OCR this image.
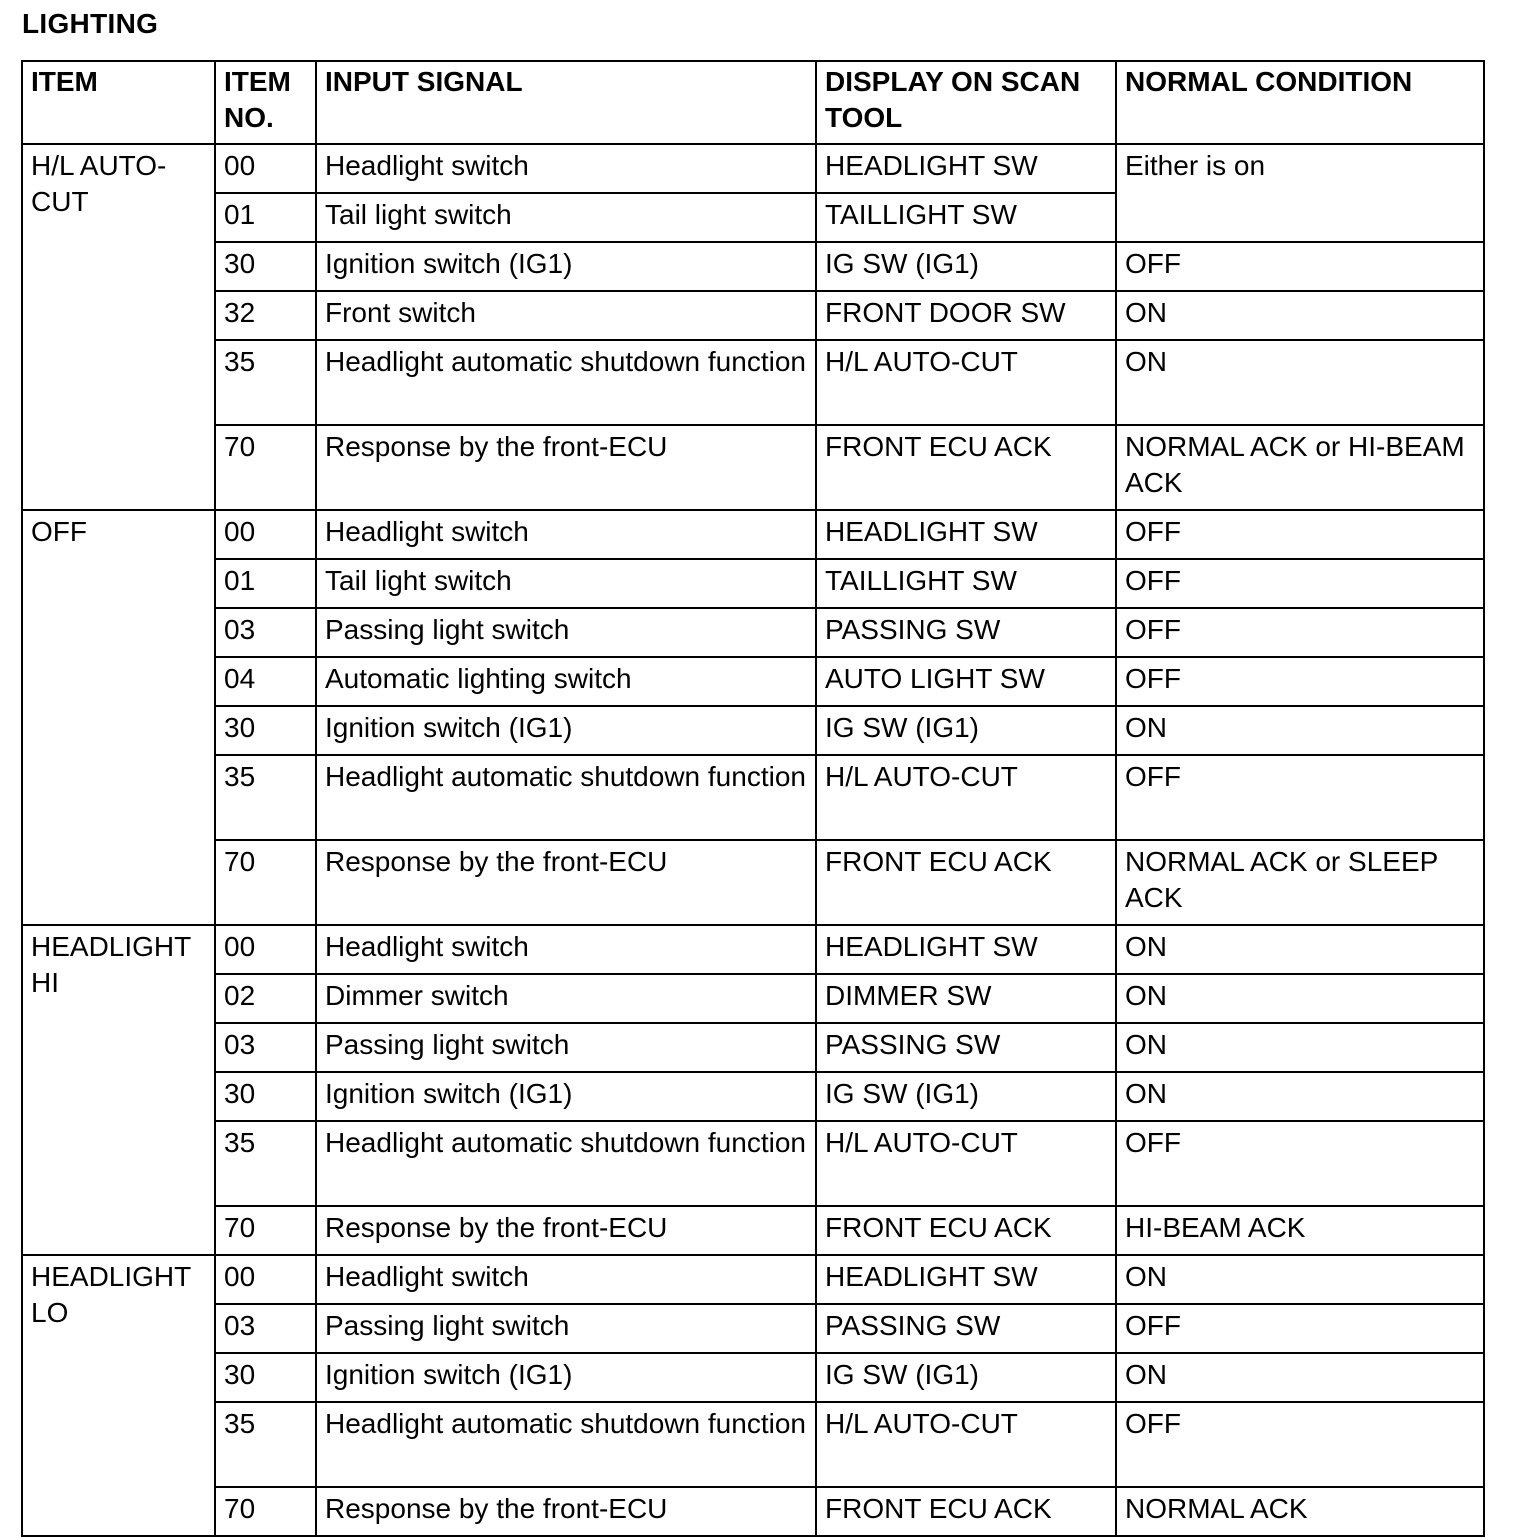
LIGHTING
ITEM	ITEM NO.	INPUT SIGNAL	DISPLAY ON SCAN TOOL	NORMAL CONDITION
H/L AUTO-CUT	00	Headlight switch	HEADLIGHT SW	Either is on
	01	Tail light switch	TAILLIGHT SW	
	30	Ignition switch (IG1)	IG SW (IG1)	OFF
	32	Front switch	FRONT DOOR SW	ON
	35	Headlight automatic shutdown function	H/L AUTO-CUT	ON
	70	Response by the front-ECU	FRONT ECU ACK	NORMAL ACK or HI-BEAM ACK
OFF	00	Headlight switch	HEADLIGHT SW	OFF
	01	Tail light switch	TAILLIGHT SW	OFF
	03	Passing light switch	PASSING SW	OFF
	04	Automatic lighting switch	AUTO LIGHT SW	OFF
	30	Ignition switch (IG1)	IG SW (IG1)	ON
	35	Headlight automatic shutdown function	H/L AUTO-CUT	OFF
	70	Response by the front-ECU	FRONT ECU ACK	NORMAL ACK or SLEEP ACK
HEADLIGHT HI	00	Headlight switch	HEADLIGHT SW	ON
	02	Dimmer switch	DIMMER SW	ON
	03	Passing light switch	PASSING SW	ON
	30	Ignition switch (IG1)	IG SW (IG1)	ON
	35	Headlight automatic shutdown function	H/L AUTO-CUT	OFF
	70	Response by the front-ECU	FRONT ECU ACK	HI-BEAM ACK
HEADLIGHT LO	00	Headlight switch	HEADLIGHT SW	ON
	03	Passing light switch	PASSING SW	OFF
	30	Ignition switch (IG1)	IG SW (IG1)	ON
	35	Headlight automatic shutdown function	H/L AUTO-CUT	OFF
	70	Response by the front-ECU	FRONT ECU ACK	NORMAL ACK
